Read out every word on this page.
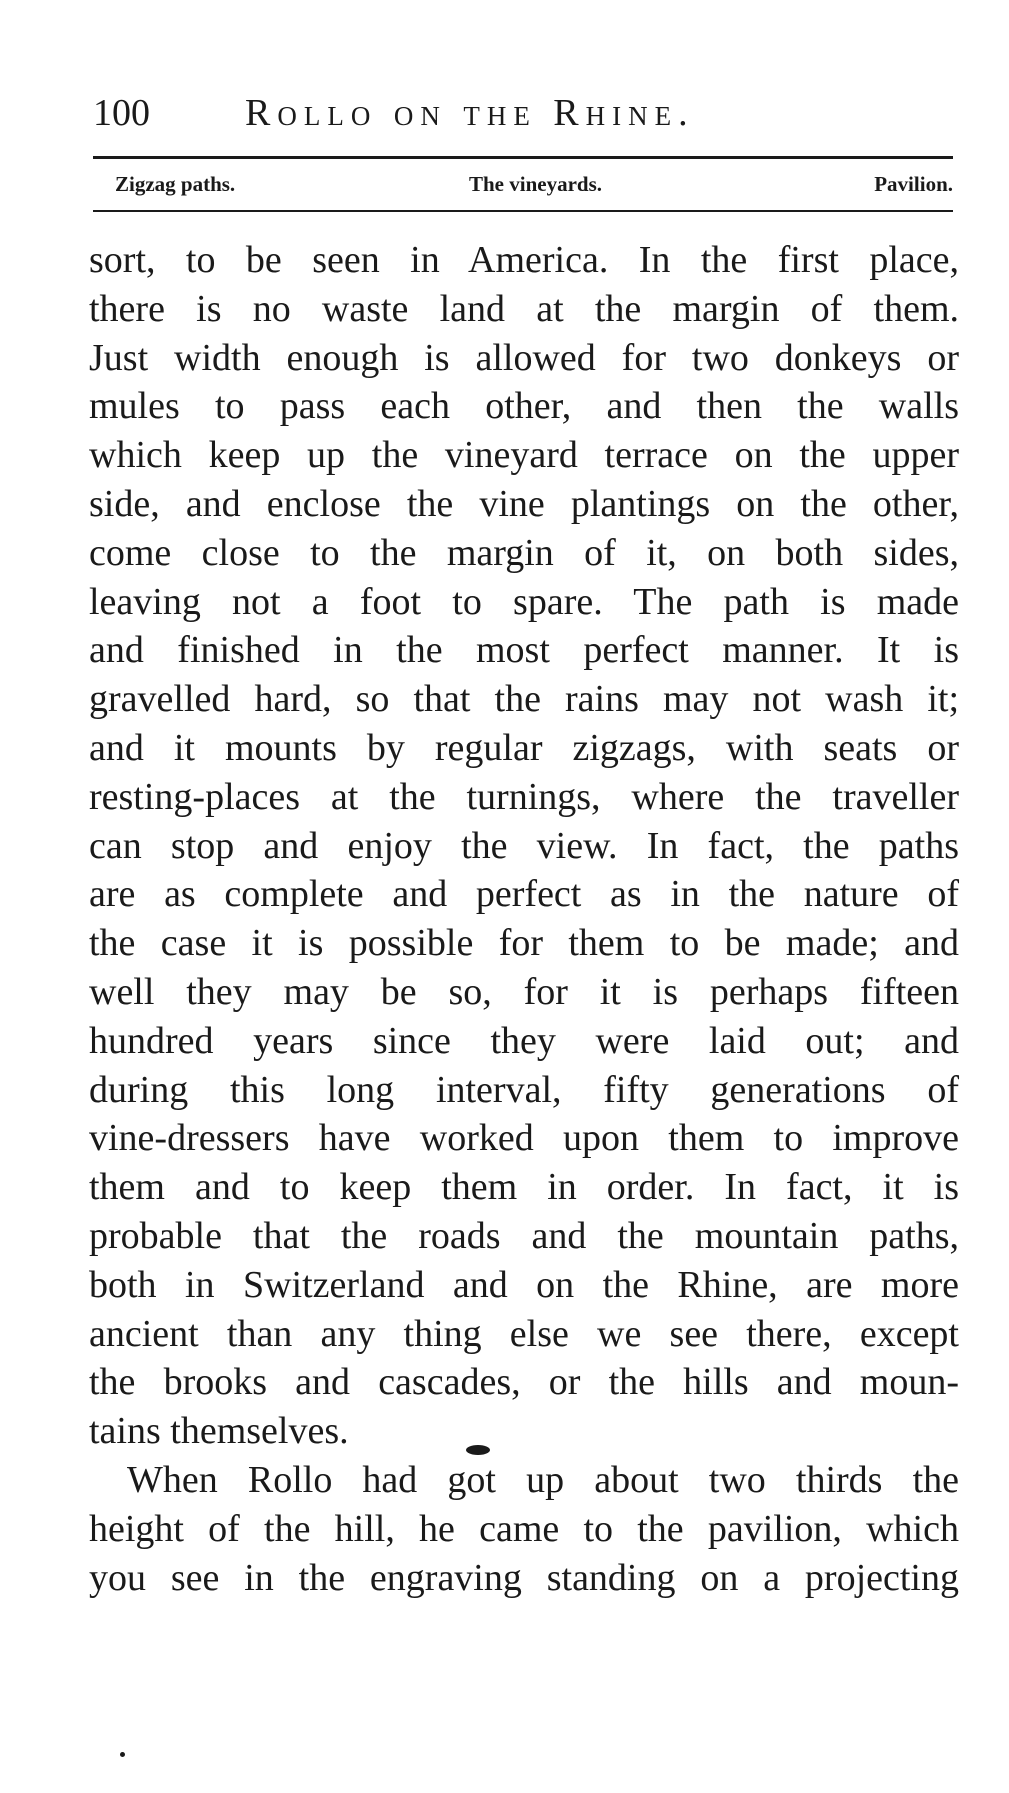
100	Rollo on the Rhine.
Zigzag paths.	The vineyards.	Pavilion.
sort, to be seen in America. In the first place,
there is no waste land at the margin of them.
Just width enough is allowed for two donkeys or
mules to pass each other, and then the walls
which keep up the vineyard terrace on the upper
side, and enclose the vine plantings on the other,
come close to the margin of it, on both sides,
leaving not a foot to spare. The path is made
and finished in the most perfect manner. It is
gravelled hard, so that the rains may not wash it;
and it mounts by regular zigzags, with seats or
resting-places at the turnings, where the traveller
can stop and enjoy the view. In fact, the paths
are as complete and perfect as in the nature of
the case it is possible for them to be made; and
well they may be so, for it is perhaps fifteen
hundred years since they were laid out; and
during this long interval, fifty generations of
vine-dressers have worked upon them to improve
them and to keep them in order. In fact, it is
probable that the roads and the mountain paths,
both in Switzerland and on the Rhine, are more
ancient than any thing else we see there, except
the brooks and cascades, or the hills and moun-
tains themselves.
When Rollo had got up about two thirds the
height of the hill, he came to the pavilion, which
you see in the engraving standing on a projecting
